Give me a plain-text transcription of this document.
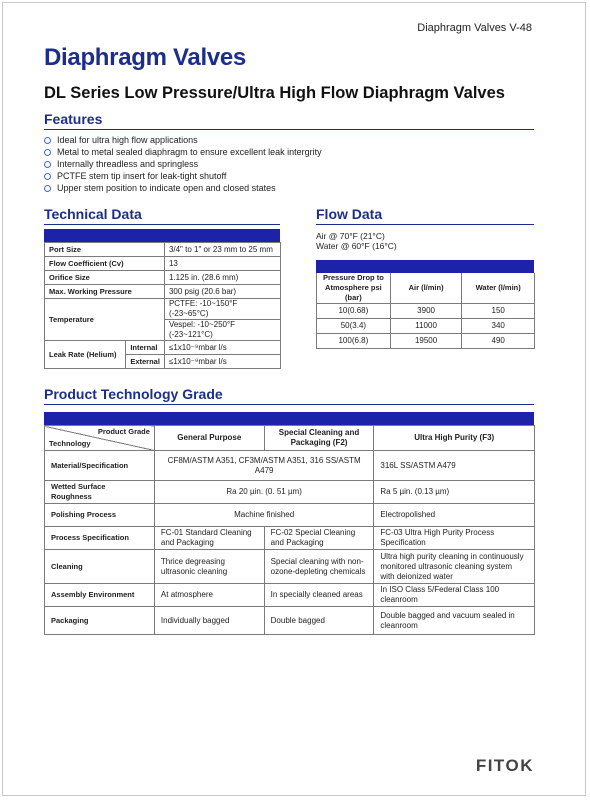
Diaphragm Valves V-48
Diaphragm Valves
DL Series Low Pressure/Ultra High Flow Diaphragm Valves
Features
Ideal for ultra high flow applications
Metal to metal sealed diaphragm to ensure excellent leak intergrity
Internally threadless and springless
PCTFE stem tip insert for leak-tight shutoff
Upper stem position to indicate open and closed states
Technical Data
Port Size		3/4" to 1" or 23 mm to 25 mm
Flow Coefficient (Cv)		13
Orifice Size		1.125 in. (28.6 mm)
Max. Working Pressure		300 psig (20.6 bar)
Temperature		PCTFE: -10~150°F (-23~65°C)
		Vespel: -10~250°F (-23~121°C)
Leak Rate (Helium)	Internal	≤1x10⁻⁹mbar l/s
	External	≤1x10⁻⁹mbar l/s
Flow Data
Air @ 70°F (21°C)
Water @ 60°F (16°C)
Pressure Drop to Atmosphere psi (bar)	Air (l/min)	Water (l/min)
10(0.68)	3900	150
50(3.4)	11000	340
100(6.8)	19500	490
Product Technology Grade
Product Grade
Technology	General Purpose	Special Cleaning and Packaging (F2)	Ultra High Purity (F3)
Material/Specification	CF8M/ASTM A351, CF3M/ASTM A351, 316 SS/ASTM A479		316L SS/ASTM A479
Wetted Surface Roughness	Ra 20 µin. (0. 51 µm)		Ra 5 µin. (0.13 µm)
Polishing Process	Machine finished		Electropolished
Process Specification	FC-01 Standard Cleaning and Packaging	FC-02 Special Cleaning and Packaging	FC-03 Ultra High Purity Process Specification
Cleaning	Thrice degreasing ultrasonic cleaning	Special cleaning with non-ozone-depleting chemicals	Ultra high purity cleaning in continuously monitored ultrasonic cleaning system with deionized water
Assembly Environment	At atmosphere	In specially cleaned areas	In ISO Class 5/Federal Class 100 cleanroom
Packaging	Individually bagged	Double bagged	Double bagged and vacuum sealed in cleanroom
FITOK
